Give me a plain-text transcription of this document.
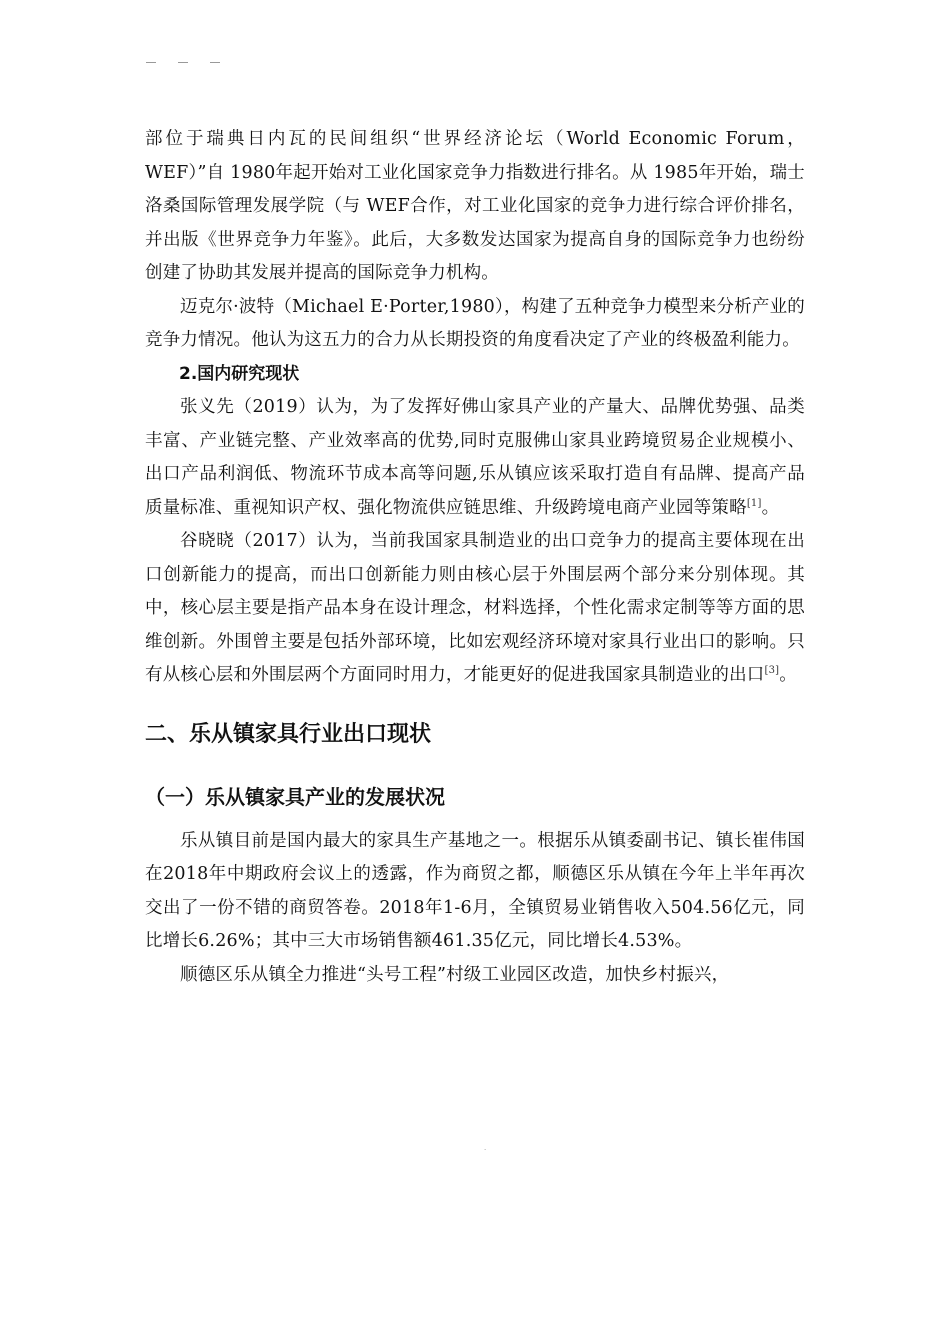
部位于瑞典日内瓦的民间组织“世界经济论坛（World Economic Forum，WEF）”自 1980年起开始对工业化国家竞争力指数进行排名。从 1985年开始，瑞士洛桑国际管理发展学院（与 WEF合作，对工业化国家的竞争力进行综合评价排名，并出版《世界竞争力年鉴》。此后，大多数发达国家为提高自身的国际竞争力也纷纷创建了协助其发展并提高的国际竞争力机构。

迈克尔·波特（Michael E·Porter,1980），构建了五种竞争力模型来分析产业的竞争力情况。他认为这五力的合力从长期投资的角度看决定了产业的终极盈利能力。

2.国内研究现状

张义先（2019）认为，为了发挥好佛山家具产业的产量大、品牌优势强、品类丰富、产业链完整、产业效率高的优势,同时克服佛山家具业跨境贸易企业规模小、出口产品利润低、物流环节成本高等问题,乐从镇应该采取打造自有品牌、提高产品质量标准、重视知识产权、强化物流供应链思维、升级跨境电商产业园等策略[1]。

谷晓晓（2017）认为，当前我国家具制造业的出口竞争力的提高主要体现在出口创新能力的提高，而出口创新能力则由核心层于外围层两个部分来分别体现。其中，核心层主要是指产品本身在设计理念，材料选择，个性化需求定制等等方面的思维创新。外围曾主要是包括外部环境，比如宏观经济环境对家具行业出口的影响。只有从核心层和外围层两个方面同时用力，才能更好的促进我国家具制造业的出口[3]。

二、乐从镇家具行业出口现状
（一）乐从镇家具产业的发展状况

乐从镇目前是国内最大的家具生产基地之一。根据乐从镇委副书记、镇长崔伟国在2018年中期政府会议上的透露，作为商贸之都，顺德区乐从镇在今年上半年再次交出了一份不错的商贸答卷。2018年1-6月，全镇贸易业销售收入504.56亿元，同比增长6.26%；其中三大市场销售额461.35亿元，同比增长4.53%。

顺德区乐从镇全力推进“头号工程”村级工业园区改造，加快乡村振兴，

·
